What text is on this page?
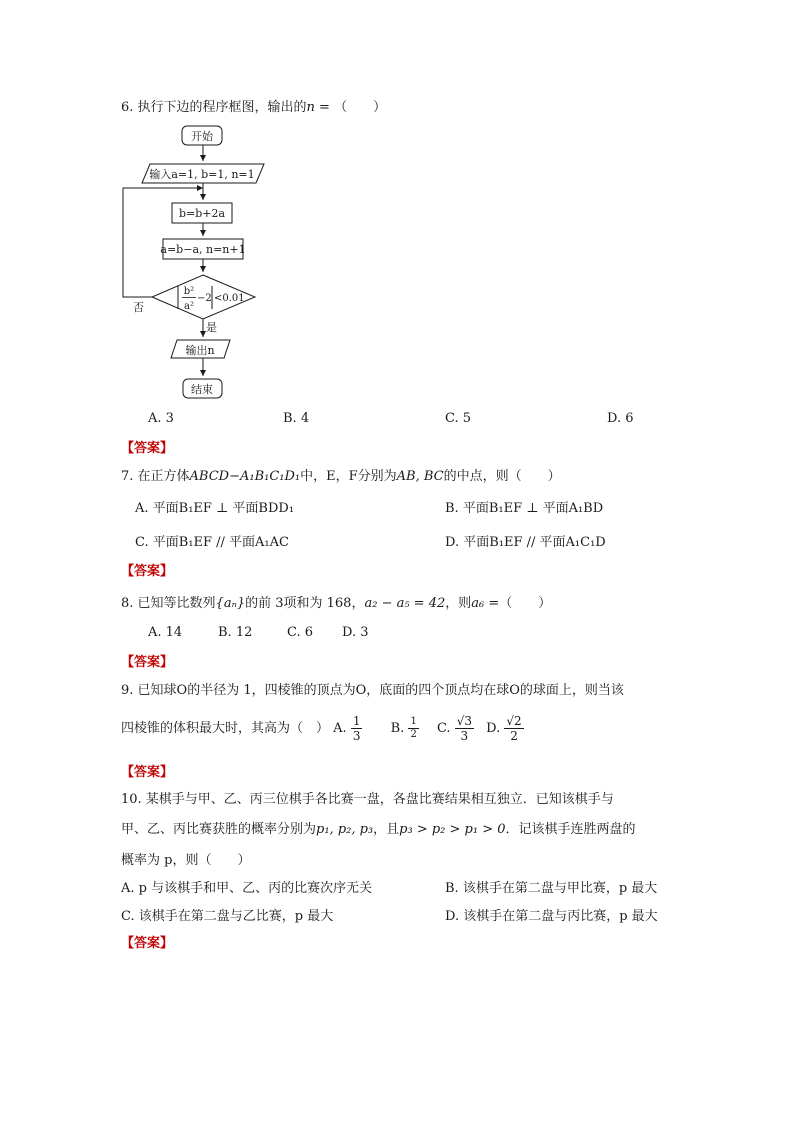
6. 执行下边的程序框图，输出的n = （　　）
开始
输入a=1, b=1, n=1
b=b+2a
a=b−a, n=n+1
b²
a²
−2 <0.01
否
是
输出n
结束
A. 3	B. 4	C. 5	D. 6
【答案】
7. 在正方体ABCD−A₁B₁C₁D₁中，E，F分别为AB, BC的中点，则（　　）
A. 平面B₁EF ⊥ 平面BDD₁	B. 平面B₁EF ⊥ 平面A₁BD
C. 平面B₁EF // 平面A₁AC	D. 平面B₁EF // 平面A₁C₁D
【答案】
8. 已知等比数列{aₙ}的前 3项和为 168，a₂ − a₅ = 42，则a₆ =（　　）
A. 14	B. 12	C. 6 D. 3
【答案】
9. 已知球O的半径为 1，四棱锥的顶点为O，底面的四个顶点均在球O的球面上，则当该
四棱锥的体积最大时，其高为（　） A. $\frac{1}{3} B$. $\frac{1}{2} C$. $\frac{√3}{3} D$. $\frac{√2}{2}$
【答案】
10. 某棋手与甲、乙、丙三位棋手各比赛一盘，各盘比赛结果相互独立．已知该棋手与
甲、乙、丙比赛获胜的概率分别为p₁, p₂, p₃，且p₃ > p₂ > p₁ > 0．记该棋手连胜两盘的
概率为 p，则（　　）
A. p 与该棋手和甲、乙、丙的比赛次序无关	B. 该棋手在第二盘与甲比赛，p 最大
C. 该棋手在第二盘与乙比赛，p 最大	D. 该棋手在第二盘与丙比赛，p 最大
【答案】
